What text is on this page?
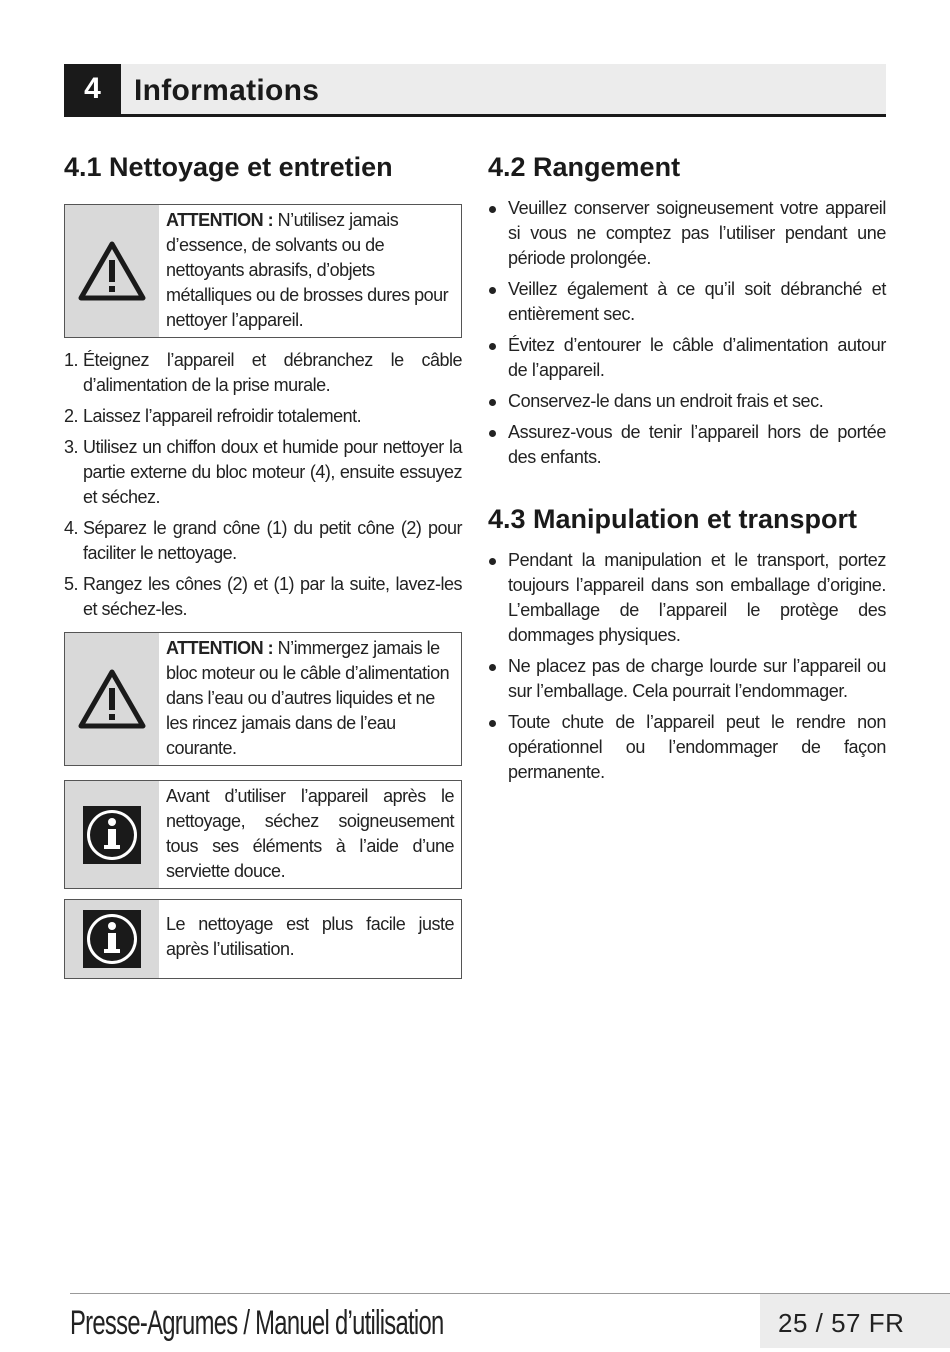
4	Informations
4.1 Nettoyage et entretien
ATTENTION : N’utilisez jamais d’essence, de solvants ou de nettoyants abrasifs, d’objets métalliques ou de brosses dures pour nettoyer l’appareil.
1. Éteignez l’appareil et débranchez le câble d’alimentation de la prise murale.
2. Laissez l’appareil refroidir totalement.
3. Utilisez un chiffon doux et humide pour nettoyer la partie externe du bloc moteur (4), ensuite essuyez et séchez.
4. Séparez le grand cône (1) du petit cône (2) pour faciliter le nettoyage.
5. Rangez les cônes (2) et (1) par la suite, lavez-les et séchez-les.
ATTENTION : N’immergez jamais le bloc moteur ou le câble d’alimentation dans l’eau ou d’autres liquides et ne les rincez jamais dans de l’eau courante.
Avant d’utiliser l’appareil après le nettoyage, séchez soigneusement tous ses éléments à l’aide d’une serviette douce.
Le nettoyage est plus facile juste après l’utilisation.
4.2 Rangement
Veuillez conserver soigneusement votre appareil si vous ne comptez pas l’utiliser pendant une période prolongée.
Veillez également à ce qu’il soit débranché et entièrement sec.
Évitez d’entourer le câble d’alimentation autour de l’appareil.
Conservez-le dans un endroit frais et sec.
Assurez-vous de tenir l’appareil hors de portée des enfants.
4.3 Manipulation et transport
Pendant la manipulation et le transport, portez toujours l’appareil dans son emballage d’origine. L’emballage de l’appareil le protège des dommages physiques.
Ne placez pas de charge lourde sur l’appareil ou sur l’emballage. Cela pourrait l’endommager.
Toute chute de l’appareil peut le rendre non opérationnel ou l’endommager de façon permanente.
Presse-Agrumes / Manuel d’utilisation	25 / 57 FR
